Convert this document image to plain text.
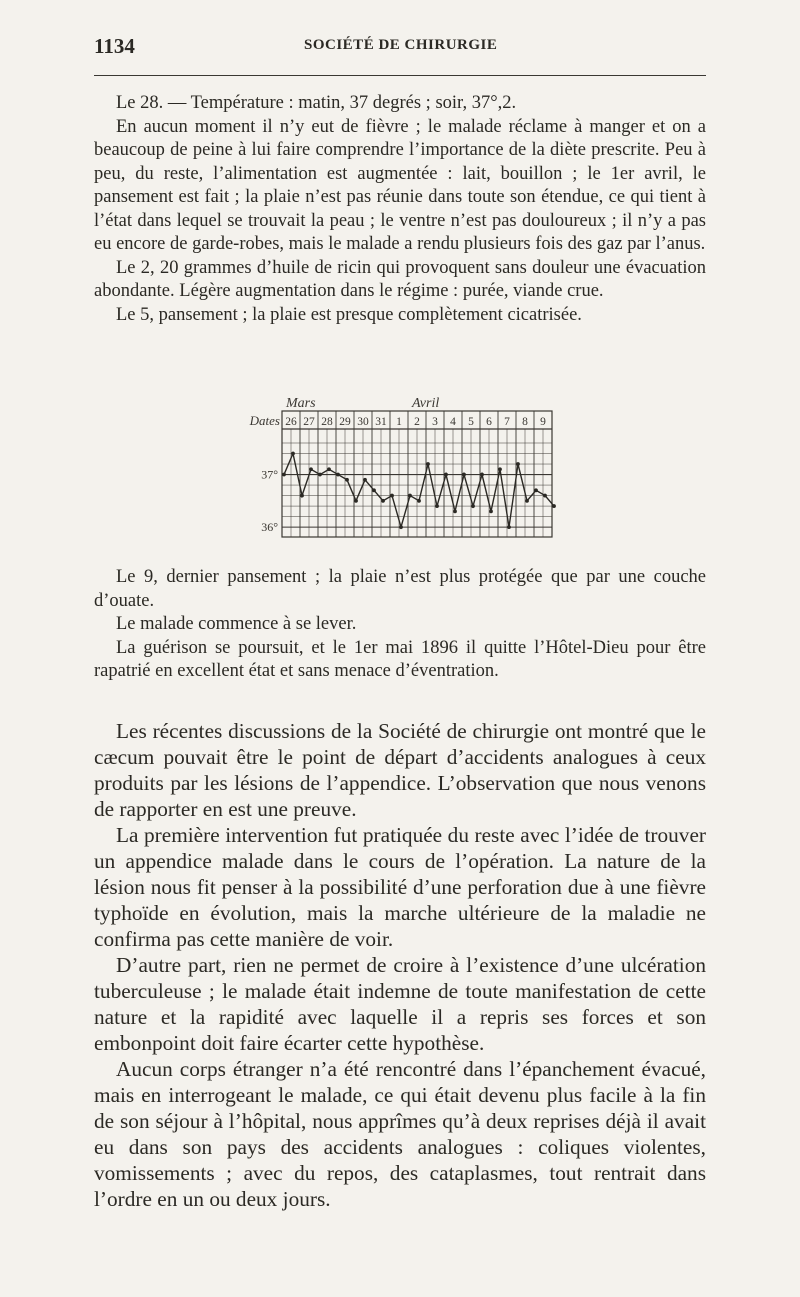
1134	SOCIÉTÉ DE CHIRURGIE

Le 28. — Température : matin, 37 degrés ; soir, 37°,2.

En aucun moment il n’y eut de fièvre ; le malade réclame à manger et on a beaucoup de peine à lui faire comprendre l’importance de la diète prescrite. Peu à peu, du reste, l’alimentation est augmentée : lait, bouillon ; le 1er avril, le pansement est fait ; la plaie n’est pas réunie dans toute son étendue, ce qui tient à l’état dans lequel se trouvait la peau ; le ventre n’est pas douloureux ; il n’y a pas eu encore de garde-robes, mais le malade a rendu plusieurs fois des gaz par l’anus.

Le 2, 20 grammes d’huile de ricin qui provoquent sans douleur une évacuation abondante. Légère augmentation dans le régime : purée, viande crue.

Le 5, pansement ; la plaie est presque complètement cicatrisée.

Mars	Avril
Dates 26 27 28 29 30 31 1 2 3 4 5 6 7 8 9
37°
36°

Le 9, dernier pansement ; la plaie n’est plus protégée que par une couche d’ouate.

Le malade commence à se lever.

La guérison se poursuit, et le 1er mai 1896 il quitte l’Hôtel-Dieu pour être rapatrié en excellent état et sans menace d’éventration.

Les récentes discussions de la Société de chirurgie ont montré que le cæcum pouvait être le point de départ d’accidents analogues à ceux produits par les lésions de l’appendice. L’observation que nous venons de rapporter en est une preuve.

La première intervention fut pratiquée du reste avec l’idée de trouver un appendice malade dans le cours de l’opération. La nature de la lésion nous fit penser à la possibilité d’une perforation due à une fièvre typhoïde en évolution, mais la marche ultérieure de la maladie ne confirma pas cette manière de voir.

D’autre part, rien ne permet de croire à l’existence d’une ulcération tuberculeuse ; le malade était indemne de toute manifestation de cette nature et la rapidité avec laquelle il a repris ses forces et son embonpoint doit faire écarter cette hypothèse.

Aucun corps étranger n’a été rencontré dans l’épanchement évacué, mais en interrogeant le malade, ce qui était devenu plus facile à la fin de son séjour à l’hôpital, nous apprîmes qu’à deux reprises déjà il avait eu dans son pays des accidents analogues : coliques violentes, vomissements ; avec du repos, des cataplasmes, tout rentrait dans l’ordre en un ou deux jours.
